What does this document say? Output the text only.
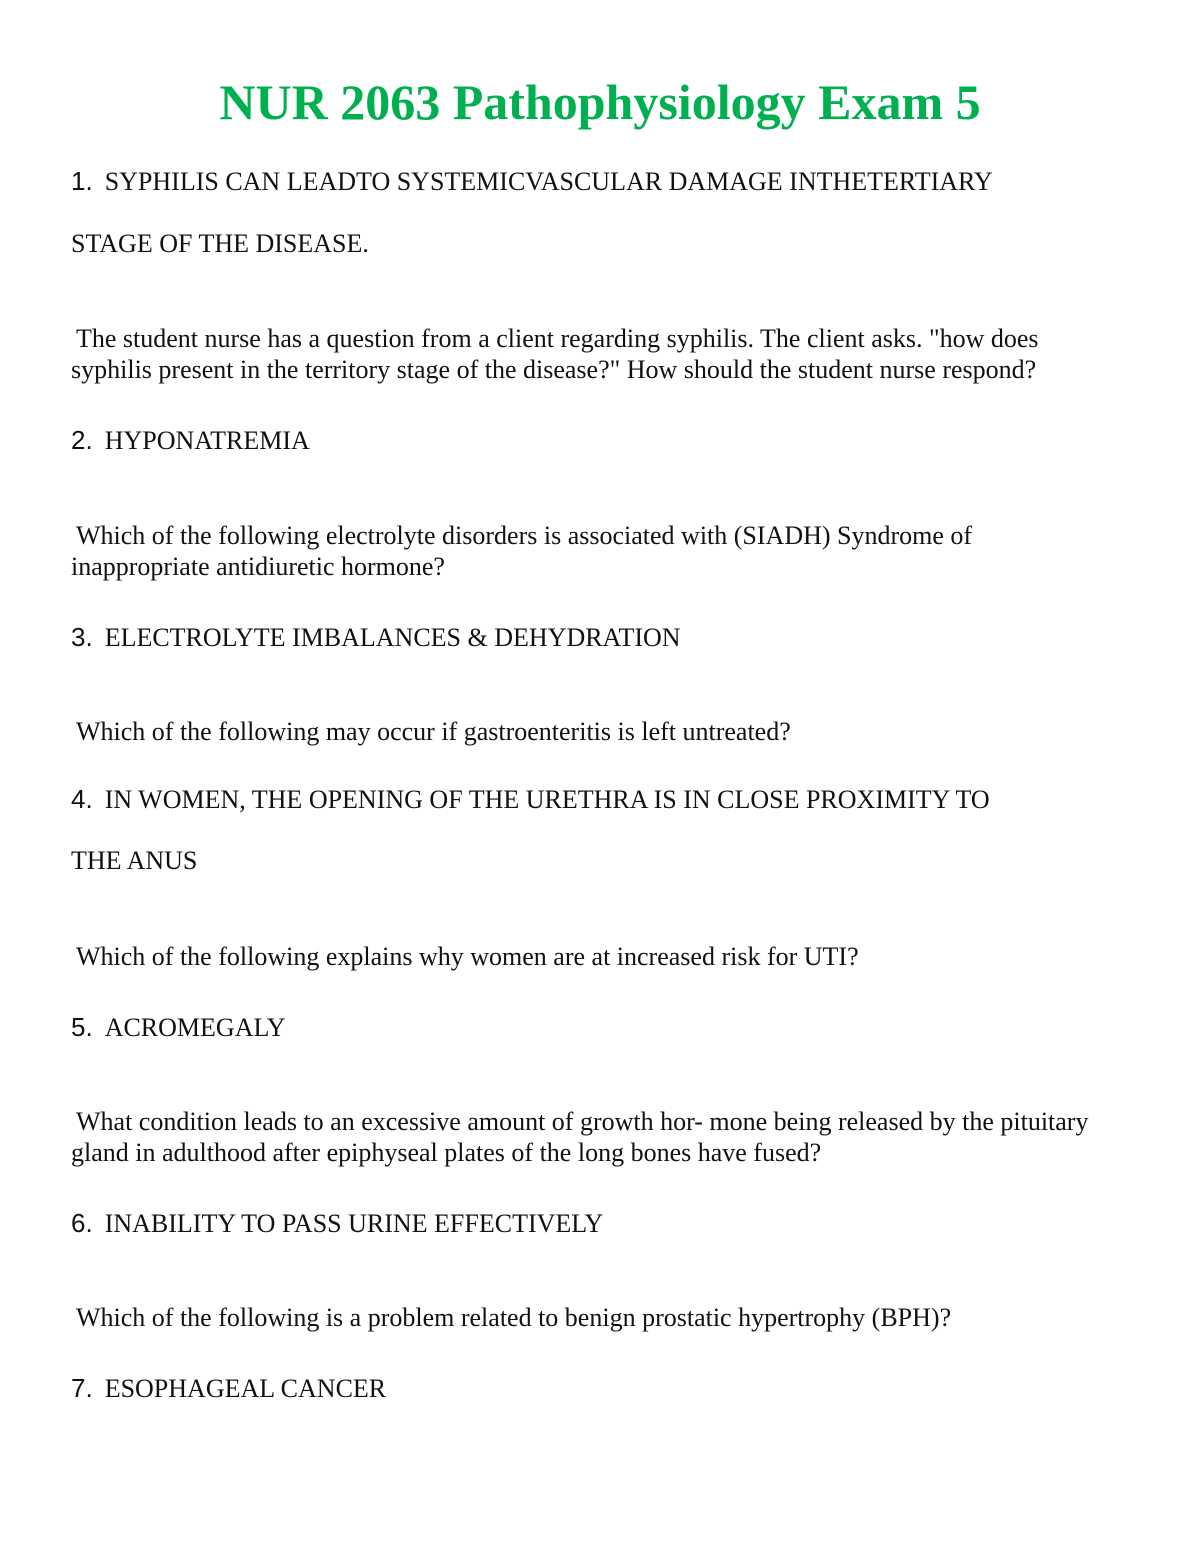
NUR 2063 Pathophysiology Exam 5

1. SYPHILIS CAN LEADTO SYSTEMICVASCULAR DAMAGE INTHETERTIARY

STAGE OF THE DISEASE.

The student nurse has a question from a client regarding syphilis. The client asks. "how does syphilis present in the territory stage of the disease?" How should the student nurse respond?

2. HYPONATREMIA

Which of the following electrolyte disorders is associated with (SIADH) Syndrome of inappropriate antidiuretic hormone?

3. ELECTROLYTE IMBALANCES & DEHYDRATION

Which of the following may occur if gastroenteritis is left untreated?

4. IN WOMEN, THE OPENING OF THE URETHRA IS IN CLOSE PROXIMITY TO

THE ANUS

Which of the following explains why women are at increased risk for UTI?

5. ACROMEGALY

What condition leads to an excessive amount of growth hor- mone being released by the pituitary gland in adulthood after epiphyseal plates of the long bones have fused?

6. INABILITY TO PASS URINE EFFECTIVELY

Which of the following is a problem related to benign prostatic hypertrophy (BPH)?

7. ESOPHAGEAL CANCER
